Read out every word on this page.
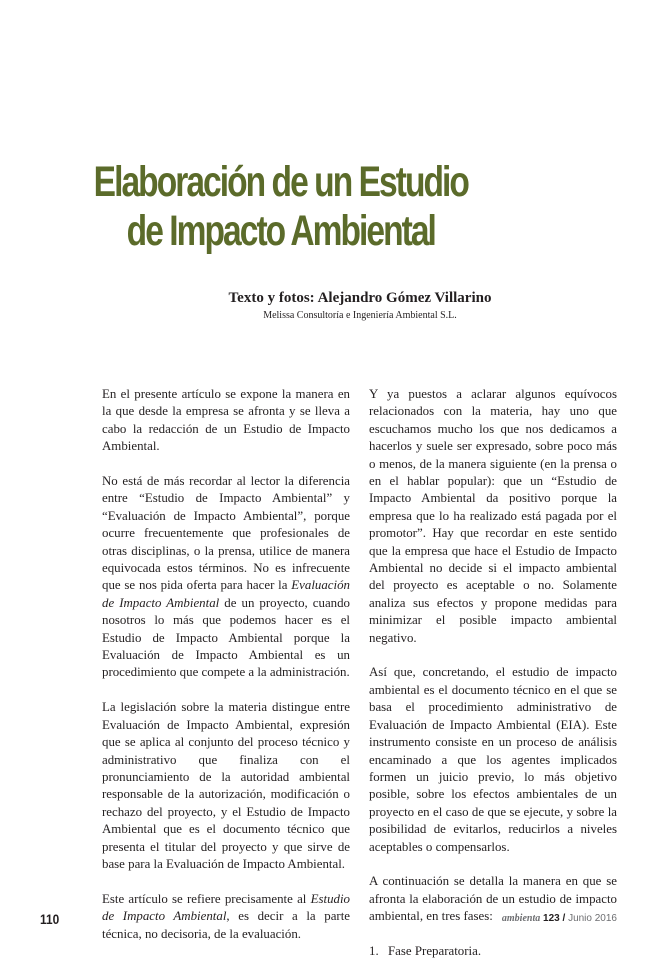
Elaboración de un Estudio
de Impacto Ambiental
Texto y fotos: Alejandro Gómez Villarino
Melissa Consultoría e Ingeniería Ambiental S.L.

En el presente artículo se expone la manera en la que desde la empresa se afronta y se lleva a cabo la redacción de un Estudio de Impacto Ambiental.

No está de más recordar al lector la diferencia entre “Estudio de Impacto Ambiental” y “Evaluación de Impacto Ambiental”, porque ocurre frecuentemente que profesionales de otras disciplinas, o la prensa, utilice de manera equivocada estos términos. No es infrecuente que se nos pida oferta para hacer la Evaluación de Impacto Ambiental de un proyecto, cuando nosotros lo más que podemos hacer es el Estudio de Impacto Ambiental porque la Evaluación de Impacto Ambiental es un procedimiento que compete a la administración.

La legislación sobre la materia distingue entre Evaluación de Impacto Ambiental, expresión que se aplica al conjunto del proceso técnico y administrativo que finaliza con el pronunciamiento de la autoridad ambiental responsable de la autorización, modificación o rechazo del proyecto, y el Estudio de Impacto Ambiental que es el documento técnico que presenta el titular del proyecto y que sirve de base para la Evaluación de Impacto Ambiental.

Este artículo se refiere precisamente al Estudio de Impacto Ambiental, es decir a la parte técnica, no decisoria, de la evaluación.

Y ya puestos a aclarar algunos equívocos relacionados con la materia, hay uno que escuchamos mucho los que nos dedicamos a hacerlos y suele ser expresado, sobre poco más o menos, de la manera siguiente (en la prensa o en el hablar popular): que un “Estudio de Impacto Ambiental da positivo porque la empresa que lo ha realizado está pagada por el promotor”. Hay que recordar en este sentido que la empresa que hace el Estudio de Impacto Ambiental no decide si el impacto ambiental del proyecto es aceptable o no. Solamente analiza sus efectos y propone medidas para minimizar el posible impacto ambiental negativo.

Así que, concretando, el estudio de impacto ambiental es el documento técnico en el que se basa el procedimiento administrativo de Evaluación de Impacto Ambiental (EIA). Este instrumento consiste en un proceso de análisis encaminado a que los agentes implicados formen un juicio previo, lo más objetivo posible, sobre los efectos ambientales de un proyecto en el caso de que se ejecute, y sobre la posibilidad de evitarlos, reducirlos a niveles aceptables o compensarlos.

A continuación se detalla la manera en que se afronta la elaboración de un estudio de impacto ambiental, en tres fases:

1. Fase Preparatoria.
110	ambienta 123 / Junio 2016
